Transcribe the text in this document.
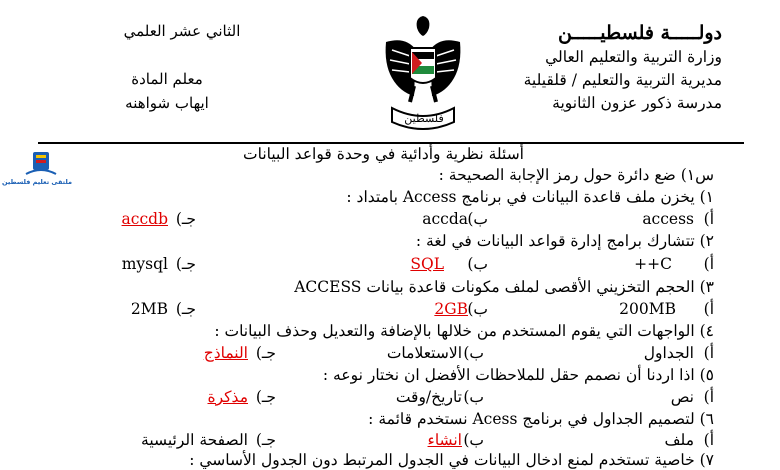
دولـــــة فلسطيـــــن
وزارة التربية والتعليم العالي
مديرية التربية والتعليم / قلقيلية
مدرسة ذكور عزون الثانوية
الثاني عشر العلمي
معلم المادة
ايهاب شواهنه
فلسطين
ملتقى تعليم فلسطين
أسئلة نظرية وأدائية في وحدة قواعد البيانات
س١) ضع دائرة حول رمز الإجابة الصحيحة :
١) يخزن ملف قاعدة البيانات في برنامج Access بامتداد :
أ)
access
ب)
accda
جـ)
accdb
٢) تتشارك برامج إدارة قواعد البيانات في لغة :
أ)
C++
ب)
SQL
جـ)
mysql
٣) الحجم التخزيني الأقصى لملف مكونات قاعدة بيانات ACCESS
أ)
200MB
ب)
2GB
جـ)
2MB
٤) الواجهات التي يقوم المستخدم من خلالها بالإضافة والتعديل وحذف البيانات :
أ)
الجداول
ب)
الاستعلامات
جـ)
النماذج
٥) اذا اردنا أن نصمم حقل للملاحظات الأفضل ان نختار نوعه :
أ)
نص
ب)
تاريخ/وقت
جـ)
مذكرة
٦) لتصميم الجداول في برنامج Acess نستخدم قائمة :
أ)
ملف
ب)
انشاء
جـ)
الصفحة الرئيسية
٧) خاصية تستخدم لمنع ادخال البيانات في الجدول المرتبط دون الجدول الأساسي :
